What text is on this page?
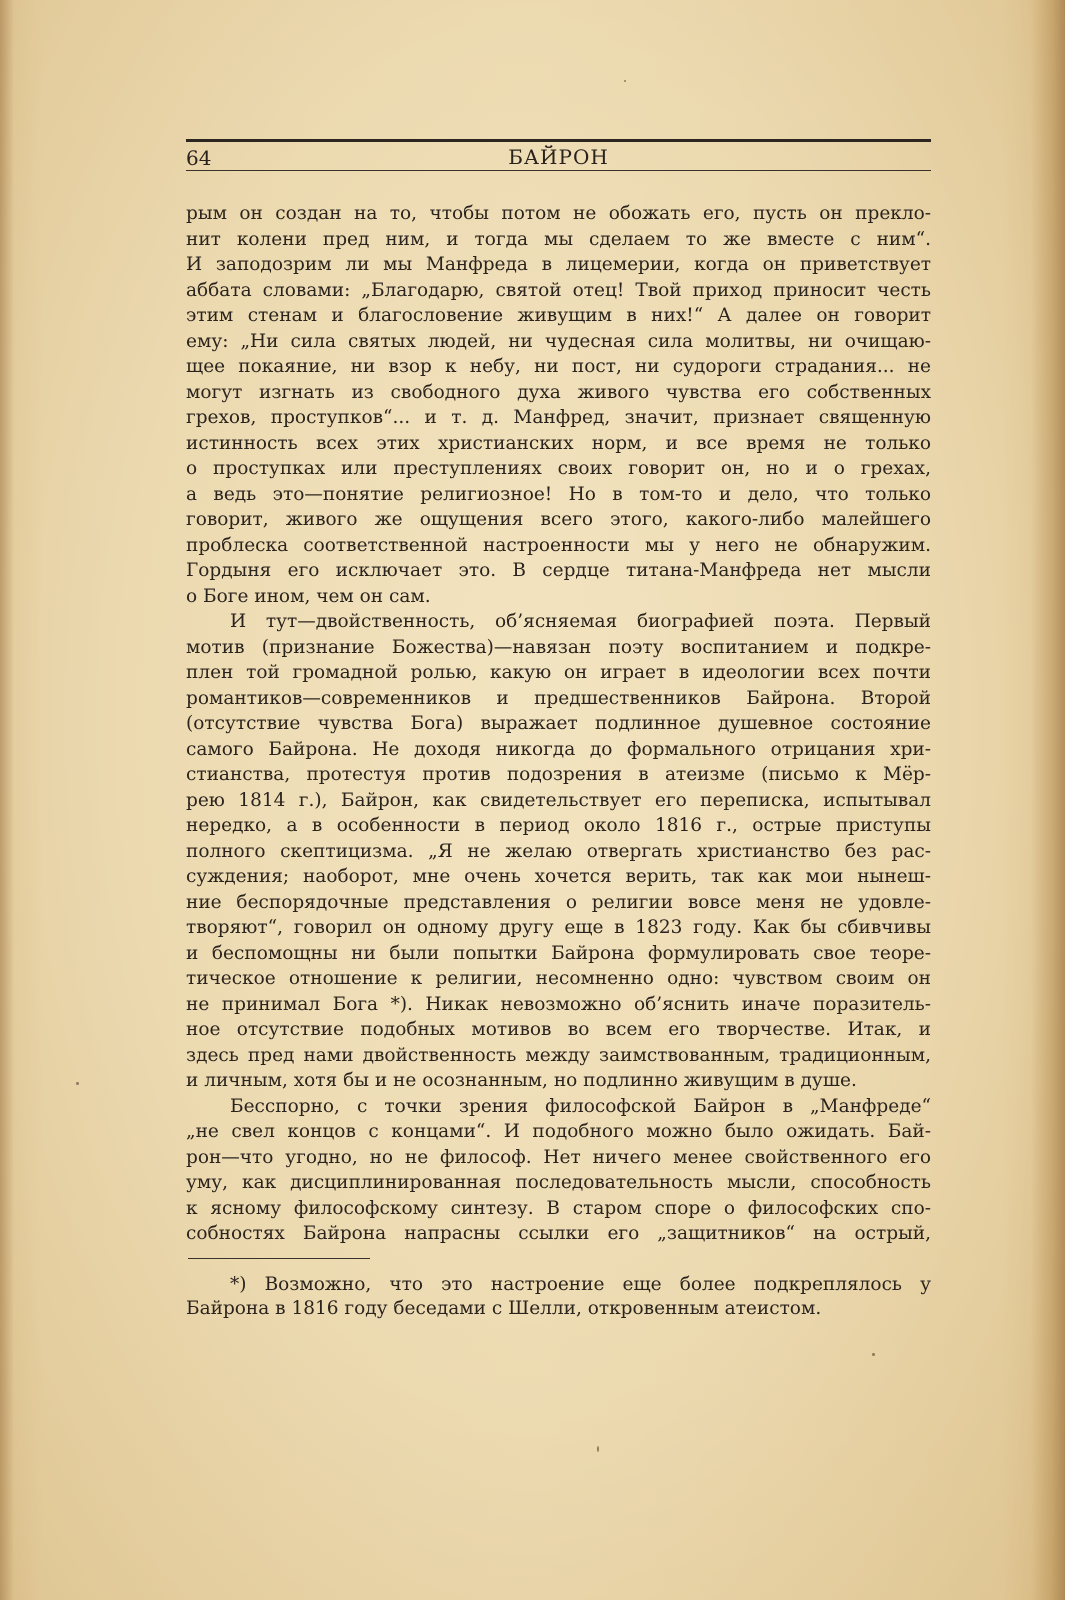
64	БАЙРОН
рым он создан на то, чтобы потом не обожать его, пусть он прекло-
нит колени пред ним, и тогда мы сделаем то же вместе с ним“.
И заподозрим ли мы Манфреда в лицемерии, когда он приветствует
аббата словами: „Благодарю, святой отец! Твой приход приносит честь
этим стенам и благословение живущим в них!“ А далее он говорит
ему: „Ни сила святых людей, ни чудесная сила молитвы, ни очищаю-
щее покаяние, ни взор к небу, ни пост, ни судороги страдания... не
могут изгнать из свободного духа живого чувства его собственных
грехов, проступков“... и т. д. Манфред, значит, признает священную
истинность всех этих христианских норм, и все время не только
о проступках или преступлениях своих говорит он, но и о грехах,
а ведь это—понятие религиозное! Но в том-то и дело, что только
говорит, живого же ощущения всего этого, какого-либо малейшего
проблеска соответственной настроенности мы у него не обнаружим.
Гордыня его исключает это. В сердце титана-Манфреда нет мысли
о Боге ином, чем он сам.
И тут—двойственность, об’ясняемая биографией поэта. Первый
мотив (признание Божества)—навязан поэту воспитанием и подкре-
плен той громадной ролью, какую он играет в идеологии всех почти
романтиков—современников и предшественников Байрона. Второй
(отсутствие чувства Бога) выражает подлинное душевное состояние
самого Байрона. Не доходя никогда до формального отрицания хри-
стианства, протестуя против подозрения в атеизме (письмо к Мёр-
рею 1814 г.), Байрон, как свидетельствует его переписка, испытывал
нередко, а в особенности в период около 1816 г., острые приступы
полного скептицизма. „Я не желаю отвергать христианство без рас-
суждения; наоборот, мне очень хочется верить, так как мои нынеш-
ние беспорядочные представления о религии вовсе меня не удовле-
творяют“, говорил он одному другу еще в 1823 году. Как бы сбивчивы
и беспомощны ни были попытки Байрона формулировать свое теоре-
тическое отношение к религии, несомненно одно: чувством своим он
не принимал Бога *). Никак невозможно об’яснить иначе поразитель-
ное отсутствие подобных мотивов во всем его творчестве. Итак, и
здесь пред нами двойственность между заимствованным, традиционным,
и личным, хотя бы и не осознанным, но подлинно живущим в душе.
Бесспорно, с точки зрения философской Байрон в „Манфреде“
„не свел концов с концами“. И подобного можно было ожидать. Бай-
рон—что угодно, но не философ. Нет ничего менее свойственного его
уму, как дисциплинированная последовательность мысли, способность
к ясному философскому синтезу. В старом споре о философских спо-
собностях Байрона напрасны ссылки его „защитников“ на острый,
*) Возможно, что это настроение еще более подкреплялось у
Байрона в 1816 году беседами с Шелли, откровенным атеистом.
